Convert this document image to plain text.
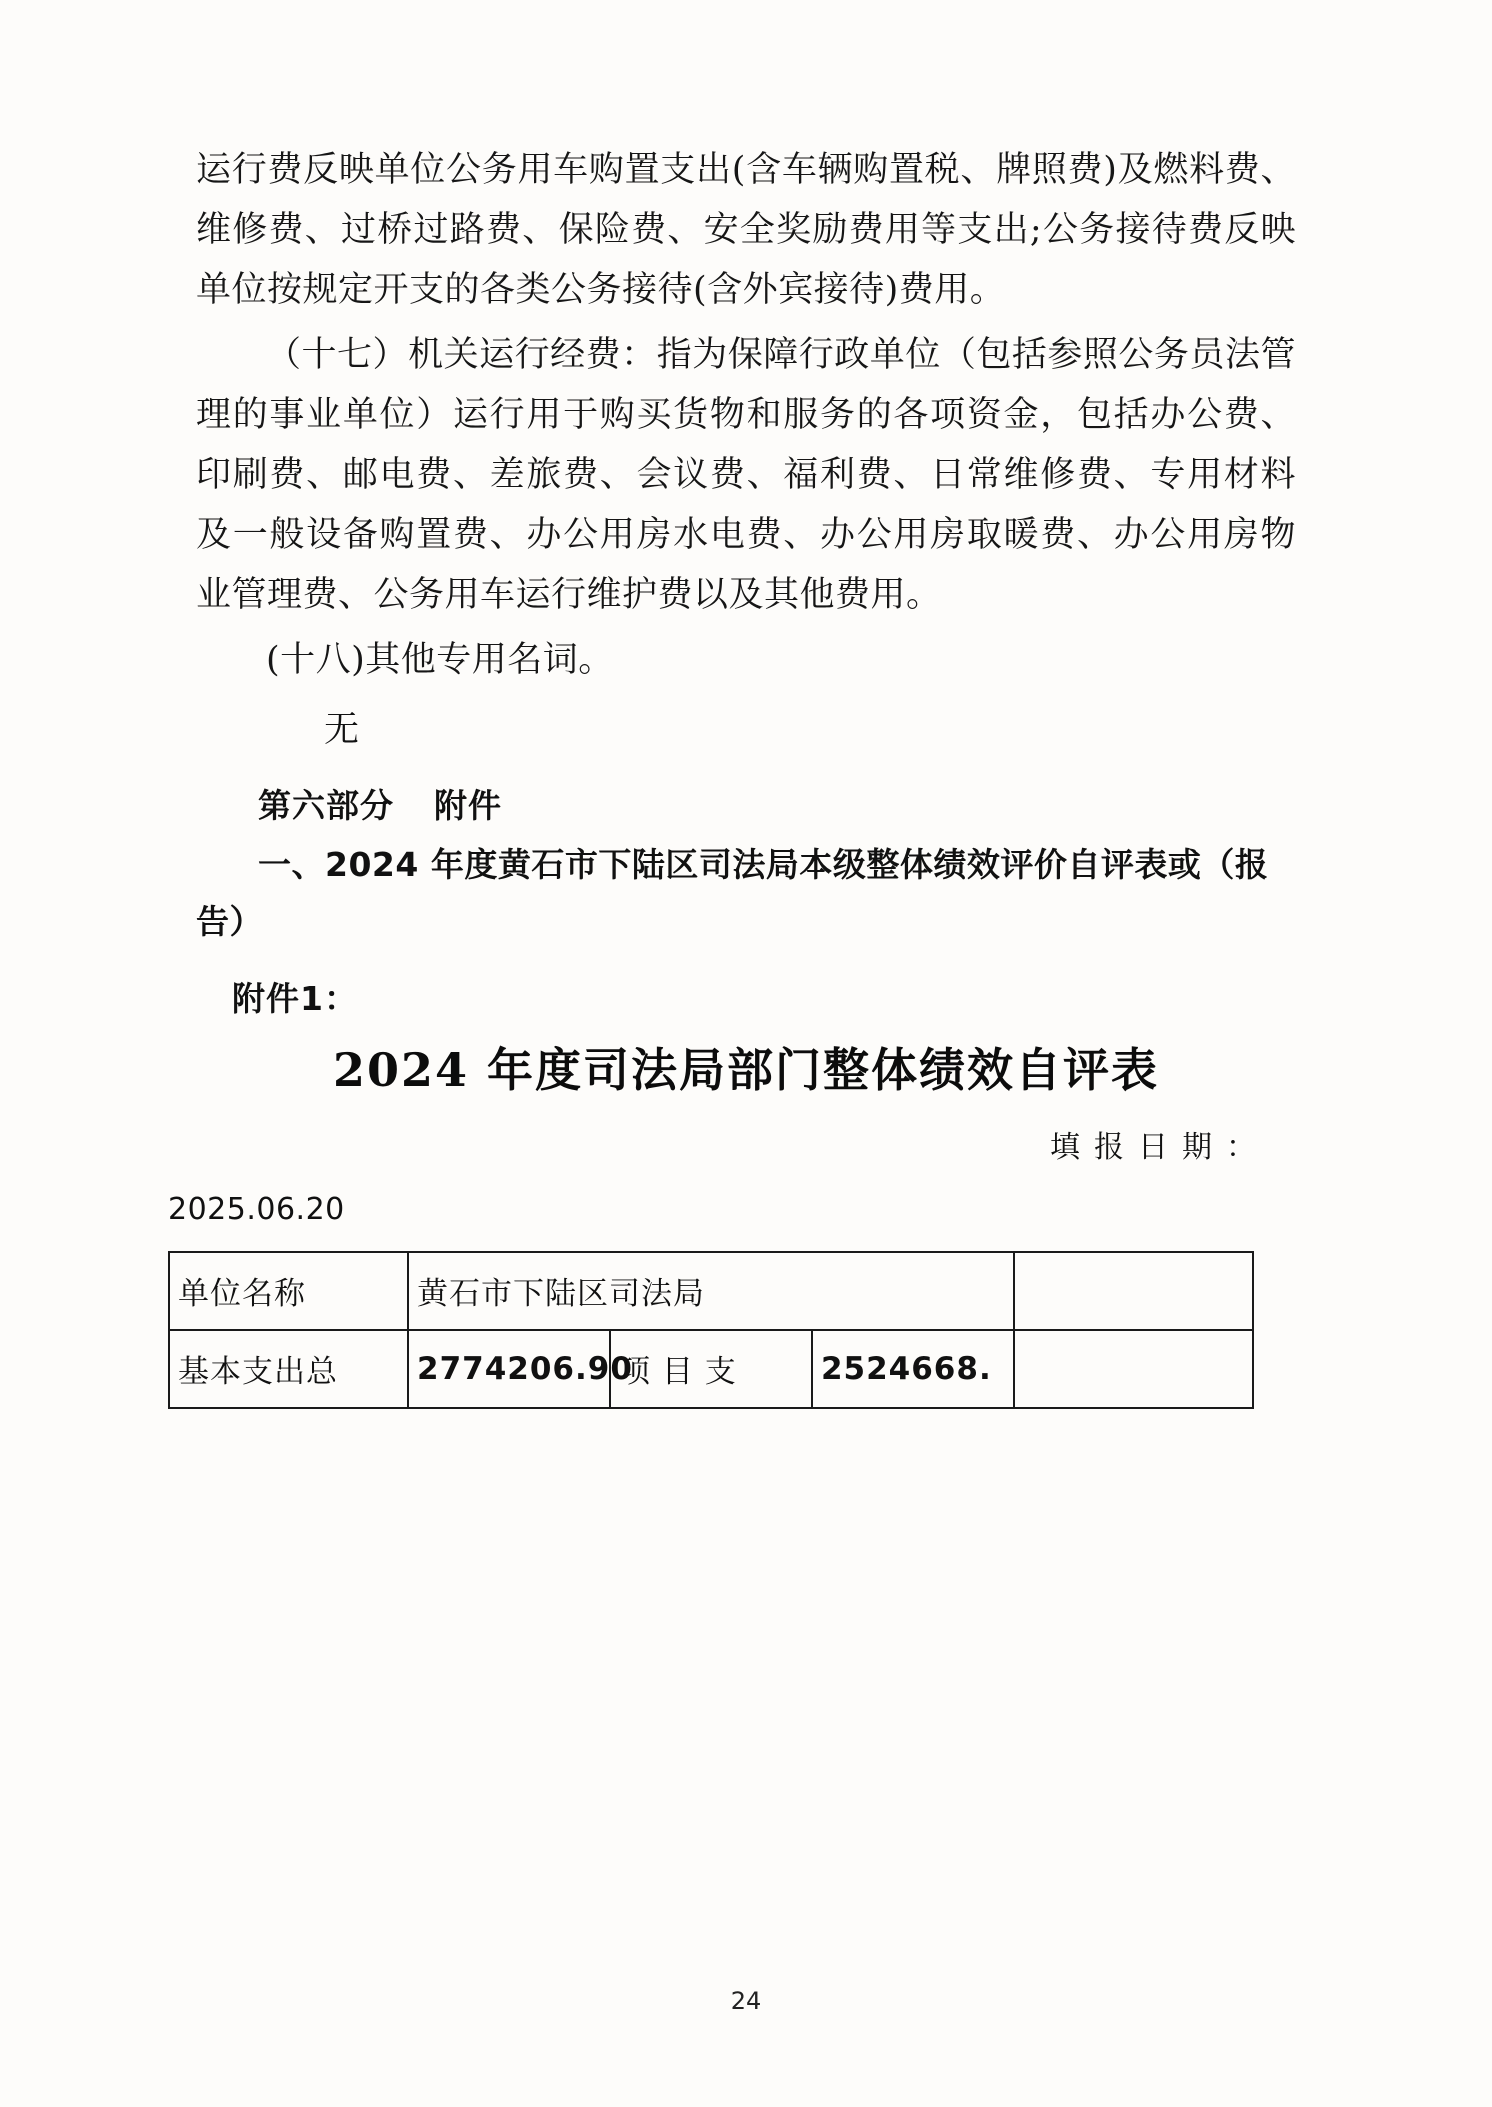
运行费反映单位公务用车购置支出(含车辆购置税、牌照费)及燃料费、维修费、过桥过路费、保险费、安全奖励费用等支出;公务接待费反映单位按规定开支的各类公务接待(含外宾接待)费用。

（十七）机关运行经费：指为保障行政单位（包括参照公务员法管理的事业单位）运行用于购买货物和服务的各项资金，包括办公费、印刷费、邮电费、差旅费、会议费、福利费、日常维修费、专用材料及一般设备购置费、办公用房水电费、办公用房取暖费、办公用房物业管理费、公务用车运行维护费以及其他费用。

(十八)其他专用名词。

无

第六部分 附件

一、2024 年度黄石市下陆区司法局本级整体绩效评价自评表或（报告）

附件1：

2024 年度司法局部门整体绩效自评表
填报日期：
2025.06.20
单位名称	黄石市下陆区司法局			
基本支出总	2774206.90	项 目 支	2524668.	
24
